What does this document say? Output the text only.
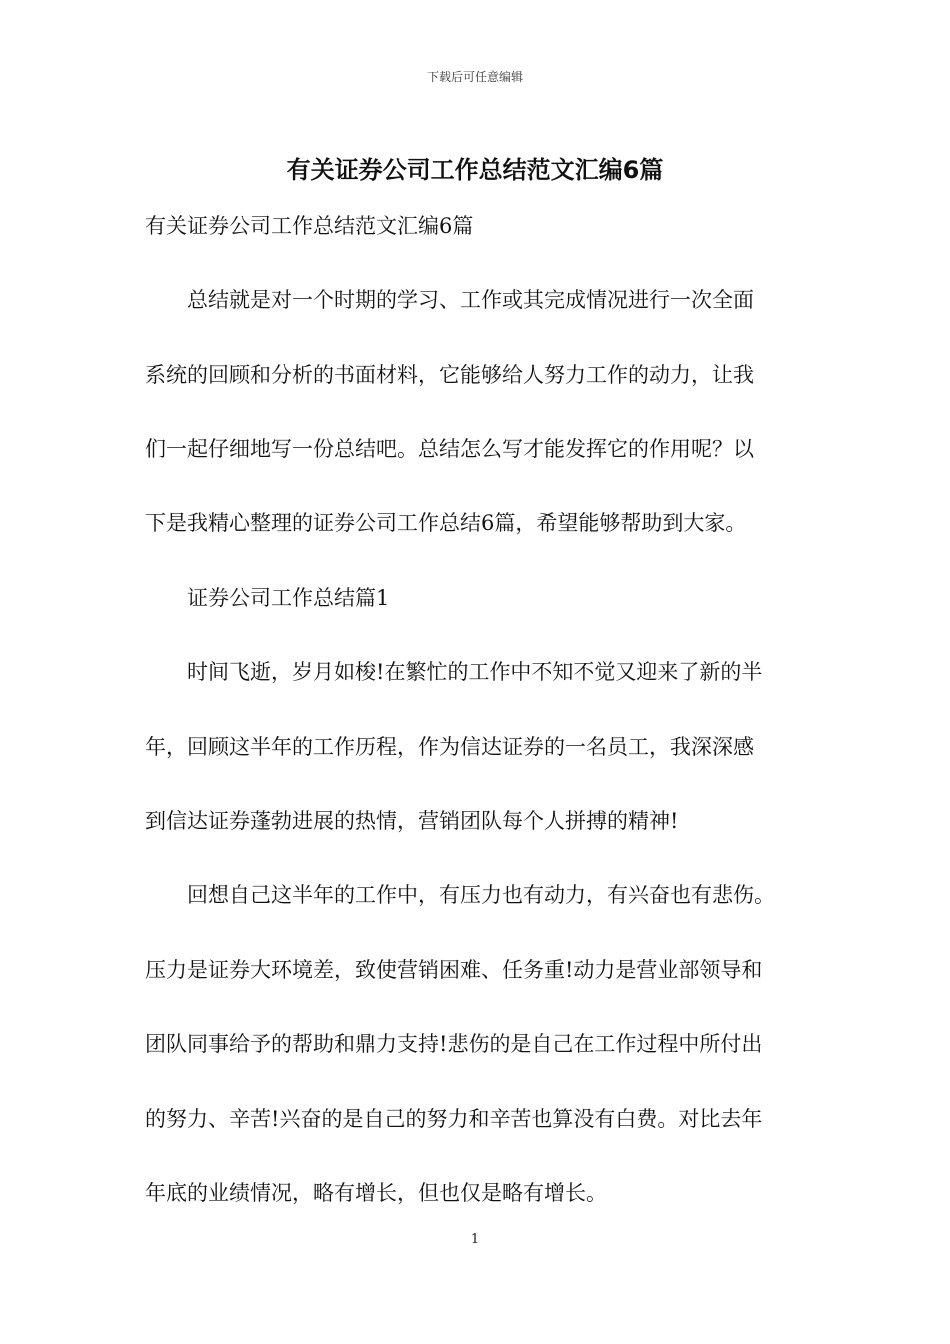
下载后可任意编辑
有关证券公司工作总结范文汇编6篇
有关证券公司工作总结范文汇编6篇
　　总结就是对一个时期的学习、工作或其完成情况进行一次全面
系统的回顾和分析的书面材料，它能够给人努力工作的动力，让我
们一起仔细地写一份总结吧。总结怎么写才能发挥它的作用呢？以
下是我精心整理的证券公司工作总结6篇，希望能够帮助到大家。
　　证券公司工作总结篇1
　　时间飞逝，岁月如梭!在繁忙的工作中不知不觉又迎来了新的半
年，回顾这半年的工作历程，作为信达证券的一名员工，我深深感
到信达证券蓬勃进展的热情，营销团队每个人拼搏的精神!
　　回想自己这半年的工作中，有压力也有动力，有兴奋也有悲伤。
压力是证券大环境差，致使营销困难、任务重!动力是营业部领导和
团队同事给予的帮助和鼎力支持!悲伤的是自己在工作过程中所付出
的努力、辛苦!兴奋的是自己的努力和辛苦也算没有白费。对比去年
年底的业绩情况，略有增长，但也仅是略有增长。
1
